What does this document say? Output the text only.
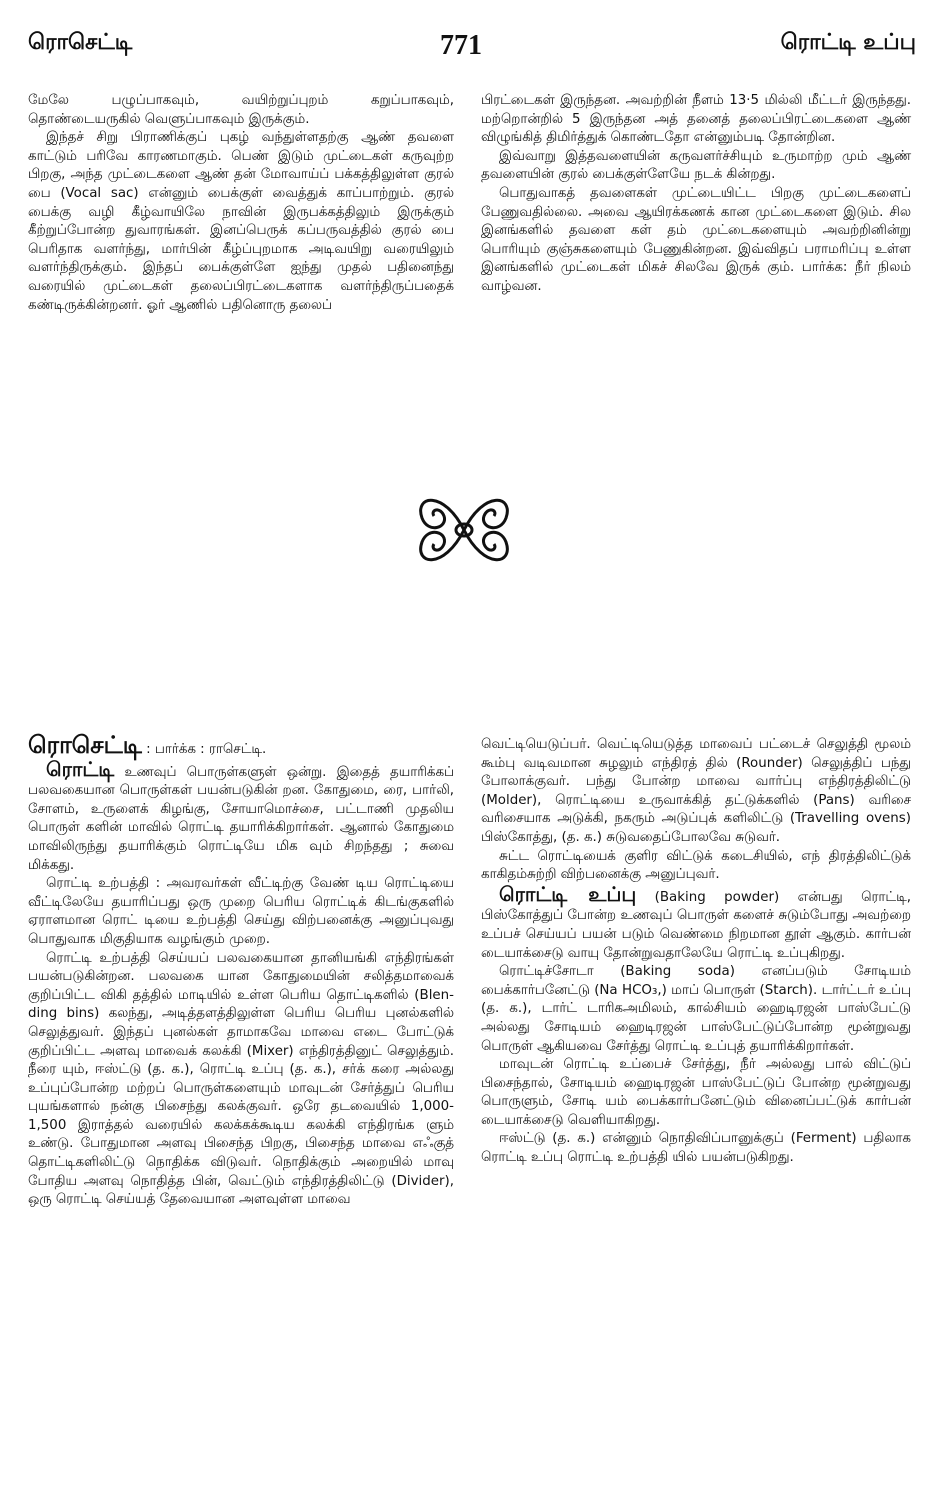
ரொசெட்டி	771	ரொட்டி உப்பு

மேலே பழுப்பாகவும், வயிற்றுப்புறம் கறுப்பாகவும், தொண்டையருகில் வெளுப்பாகவும் இருக்கும்.

இந்தச் சிறு பிராணிக்குப் புகழ் வந்துள்ளதற்கு ஆண் தவளை காட்டும் பரிவே காரணமாகும். பெண் இடும் முட்டைகள் கருவுற்ற பிறகு, அந்த முட்டைகளை ஆண் தன் மோவாய்ப் பக்கத்திலுள்ள குரல் பை (Vocal sac) என்னும் பைக்குள் வைத்துக் காப்பாற்றும். குரல் பைக்கு வழி கீழ்வாயிலே நாவின் இருபக்கத்திலும் இருக்கும் கீற்றுப்போன்ற துவாரங்கள். இனப்பெருக் கப்பருவத்தில் குரல் பை பெரிதாக வளர்ந்து, மார்பின் கீழ்ப்புறமாக அடிவயிறு வரையிலும் வளர்ந்திருக்கும். இந்தப் பைக்குள்ளே ஐந்து முதல் பதினைந்து வரையில் முட்டைகள் தலைப்பிரட்டைகளாக வளர்ந்திருப்பதைக் கண்டிருக்கின்றனர். ஓர் ஆணில் பதினொரு தலைப்

பிரட்டைகள் இருந்தன. அவற்றின் நீளம் 13·5 மில்லி மீட்டர் இருந்தது. மற்றொன்றில் 5 இருந்தன அத் தனைத் தலைப்பிரட்டைகளை ஆண் விழுங்கித் திமிர்த்துக் கொண்டதோ என்னும்படி தோன்றின.

இவ்வாறு இத்தவளையின் கருவளர்ச்சியும் உருமாற்ற மும் ஆண் தவளையின் குரல் பைக்குள்ளேயே நடக் கின்றது.

பொதுவாகத் தவளைகள் முட்டையிட்ட பிறகு முட்டைகளைப் பேணுவதில்லை. அவை ஆயிரக்கணக் கான முட்டைகளை இடும். சில இனங்களில் தவளை கள் தம் முட்டைகளையும் அவற்றினின்று பொரியும் குஞ்சுகளையும் பேணுகின்றன. இவ்விதப் பராமரிப்பு உள்ள இனங்களில் முட்டைகள் மிகச் சிலவே இருக் கும். பார்க்க: நீர் நிலம் வாழ்வன.

ரொசெட்டி : பார்க்க : ராசெட்டி.

ரொட்டி உணவுப் பொருள்களுள் ஒன்று. இதைத் தயாரிக்கப் பலவகையான பொருள்கள் பயன்படுகின் றன. கோதுமை, ரை, பார்லி, சோளம், உருளைக் கிழங்கு, சோயாமொச்சை, பட்டாணி முதலிய பொருள் களின் மாவில் ரொட்டி தயாரிக்கிறார்கள். ஆனால் கோதுமை மாவிலிருந்து தயாரிக்கும் ரொட்டியே மிக வும் சிறந்தது ; சுவை மிக்கது.

ரொட்டி உற்பத்தி : அவரவர்கள் வீட்டிற்கு வேண் டிய ரொட்டியை வீட்டிலேயே தயாரிப்பது ஒரு முறை பெரிய ரொட்டிக் கிடங்குகளில் ஏராளமான ரொட் டியை உற்பத்தி செய்து விற்பனைக்கு அனுப்புவது பொதுவாக மிகுதியாக வழங்கும் முறை.

ரொட்டி உற்பத்தி செய்யப் பலவகையான தானியங்கி எந்திரங்கள் பயன்படுகின்றன. பலவகை யான கோதுமையின் சலித்தமாவைக் குறிப்பிட்ட விகி தத்தில் மாடியில் உள்ள பெரிய தொட்டிகளில் (Blen- ding bins) கலந்து, அடித்தளத்திலுள்ள பெரிய பெரிய புனல்களில் செலுத்துவர். இந்தப் புனல்கள் தாமாகவே மாவை எடை போட்டுக் குறிப்பிட்ட அளவு மாவைக் கலக்கி (Mixer) எந்திரத்தினுட் செலுத்தும். நீரை யும், ஈஸ்ட்டு (த. க.), ரொட்டி உப்பு (த. க.), சர்க் கரை அல்லது உப்புப்போன்ற மற்றப் பொருள்களையும் மாவுடன் சேர்த்துப் பெரிய புயங்களால் நன்கு பிசைந்து கலக்குவர். ஒரே தடவையில் 1,000-1,500 இராத்தல் வரையில் கலக்கக்கூடிய கலக்கி எந்திரங்க ளும் உண்டு. போதுமான அளவு பிசைந்த பிறகு, பிசைந்த மாவை எஃகுத் தொட்டிகளிலிட்டு நொதிக்க விடுவர். நொதிக்கும் அறையில் மாவு போதிய அளவு நொதித்த பின், வெட்டும் எந்திரத்திலிட்டு (Divider), ஒரு ரொட்டி செய்யத் தேவையான அளவுள்ள மாவை

வெட்டியெடுப்பர். வெட்டியெடுத்த மாவைப் பட்டைச் செலுத்தி மூலம் கூம்பு வடிவமான சுழலும் எந்திரத் தில் (Rounder) செலுத்திப் பந்து போலாக்குவர். பந்து போன்ற மாவை வார்ப்பு எந்திரத்திலிட்டு (Molder), ரொட்டியை உருவாக்கித் தட்டுக்களில் (Pans) வரிசை வரிசையாக அடுக்கி, நகரும் அடுப்புக் களிலிட்டு (Travelling ovens) பிஸ்கோத்து, (த. க.) சுடுவதைப்போலவே சுடுவர்.

சுட்ட ரொட்டியைக் குளிர விட்டுக் கடைசியில், எந் திரத்திலிட்டுக் காகிதம்சுற்றி விற்பனைக்கு அனுப்புவர்.

ரொட்டி உப்பு (Baking powder) என்பது ரொட்டி, பிஸ்கோத்துப் போன்ற உணவுப் பொருள் களைச் சுடும்போது அவற்றை உப்பச் செய்யப் பயன் படும் வெண்மை நிறமான தூள் ஆகும். கார்பன் டையாக்சைடு வாயு தோன்றுவதாலேயே ரொட்டி உப்புகிறது.

ரொட்டிச்சோடா (Baking soda) எனப்படும் சோடியம் பைக்கார்பனேட்டு (Na HCO₃,) மாப் பொருள் (Starch). டார்ட்டர் உப்பு (த. க.), டார்ட் டாரிகஅமிலம், கால்சியம் ஹைடிரஜன் பாஸ்பேட்டு அல்லது சோடியம் ஹைடிரஜன் பாஸ்பேட்டுப்போன்ற மூன்றுவது பொருள் ஆகியவை சேர்த்து ரொட்டி உப்புத் தயாரிக்கிறார்கள்.

மாவுடன் ரொட்டி உப்பைச் சேர்த்து, நீர் அல்லது பால் விட்டுப் பிசைந்தால், சோடியம் ஹைடிரஜன் பாஸ்பேட்டுப் போன்ற மூன்றுவது பொருளும், சோடி யம் பைக்கார்பனேட்டும் வினைப்பட்டுக் கார்பன் டையாக்சைடு வெளியாகிறது.

ஈஸ்ட்டு (த. க.) என்னும் நொதிவிப்பானுக்குப் (Ferment) பதிலாக ரொட்டி உப்பு ரொட்டி உற்பத்தி யில் பயன்படுகிறது.
